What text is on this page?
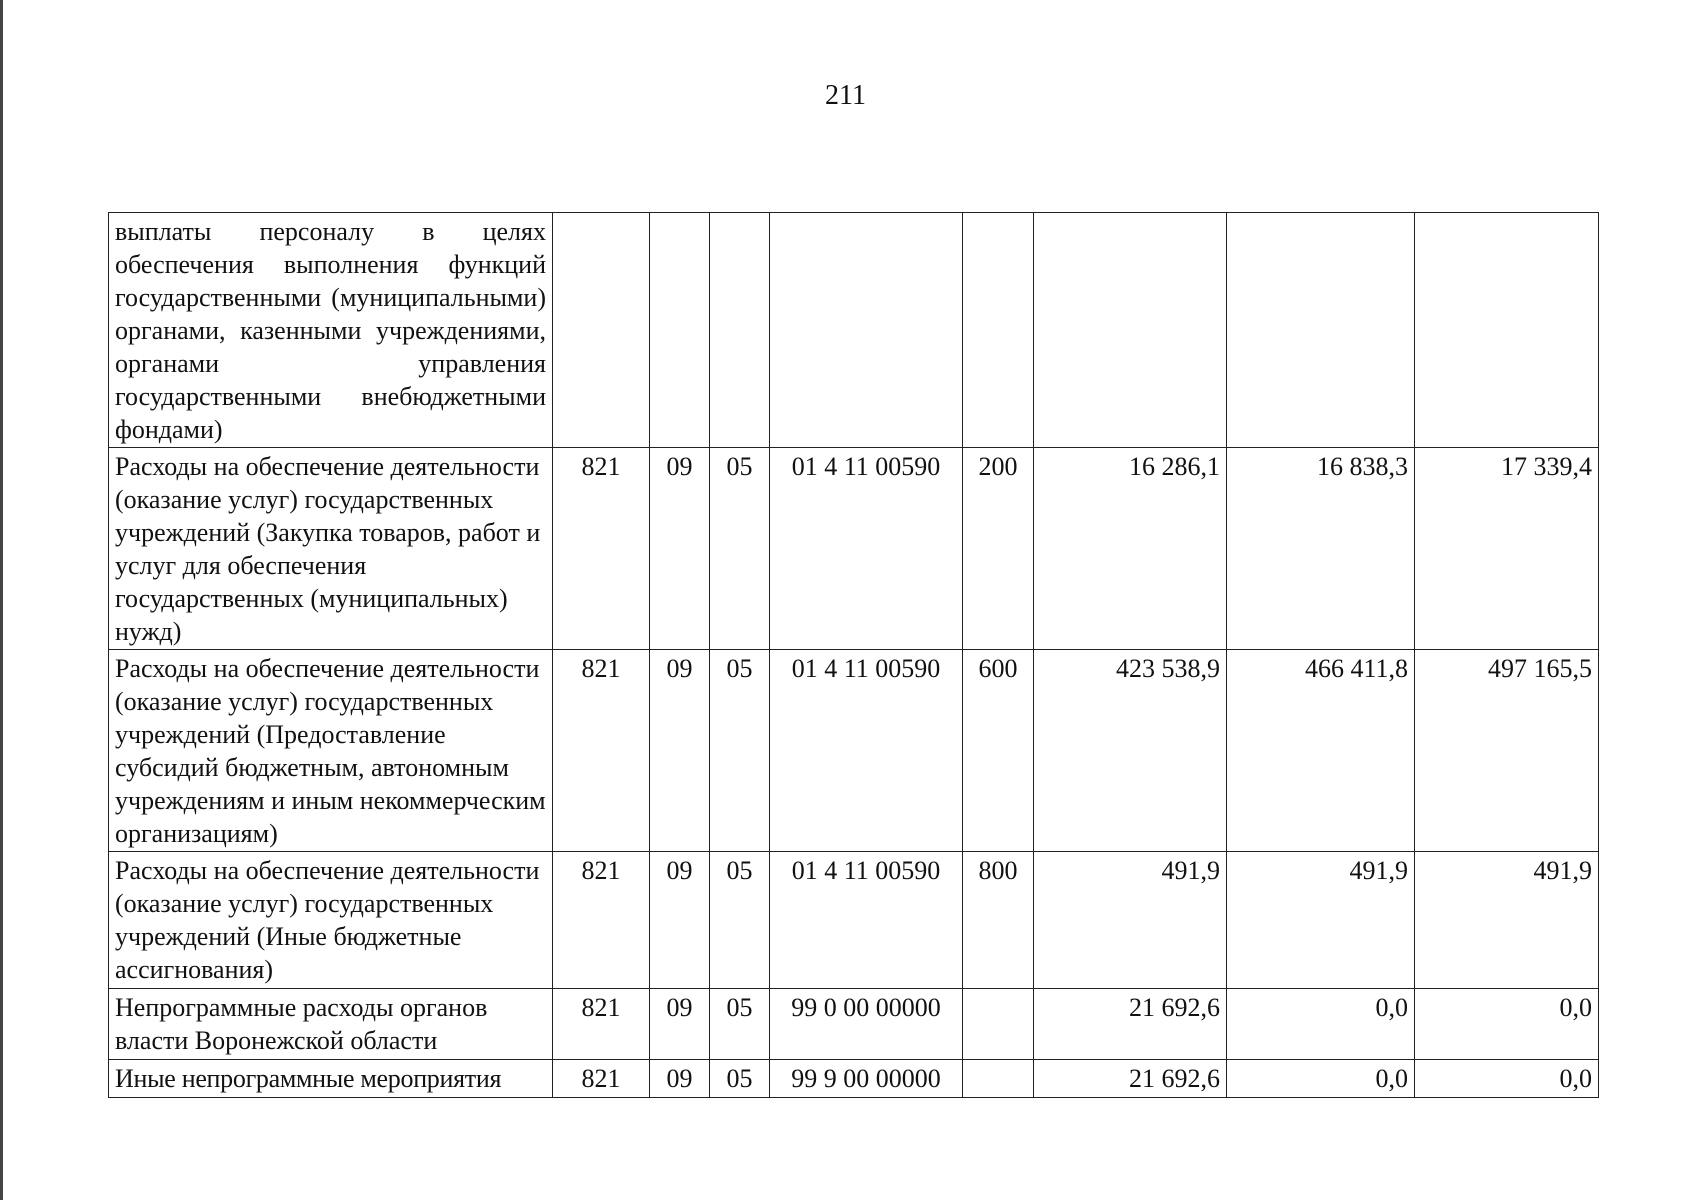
211
выплаты персоналу в целях обеспечения выполнения функций государственными (муниципальными) органами, казенными учреждениями, органами управления государственными внебюджетными фондами)								
Расходы на обеспечение деятельности (оказание услуг) государственных учреждений (Закупка товаров, работ и услуг для обеспечения государственных (муниципальных) нужд)	821	09	05	01 4 11 00590	200	16 286,1	16 838,3	17 339,4
Расходы на обеспечение деятельности (оказание услуг) государственных учреждений (Предоставление субсидий бюджетным, автономным учреждениям и иным некоммерческим организациям)	821	09	05	01 4 11 00590	600	423 538,9	466 411,8	497 165,5
Расходы на обеспечение деятельности (оказание услуг) государственных учреждений (Иные бюджетные ассигнования)	821	09	05	01 4 11 00590	800	491,9	491,9	491,9
Непрограммные расходы органов власти Воронежской области	821	09	05	99 0 00 00000		21 692,6	0,0	0,0
Иные непрограммные мероприятия	821	09	05	99 9 00 00000		21 692,6	0,0	0,0
